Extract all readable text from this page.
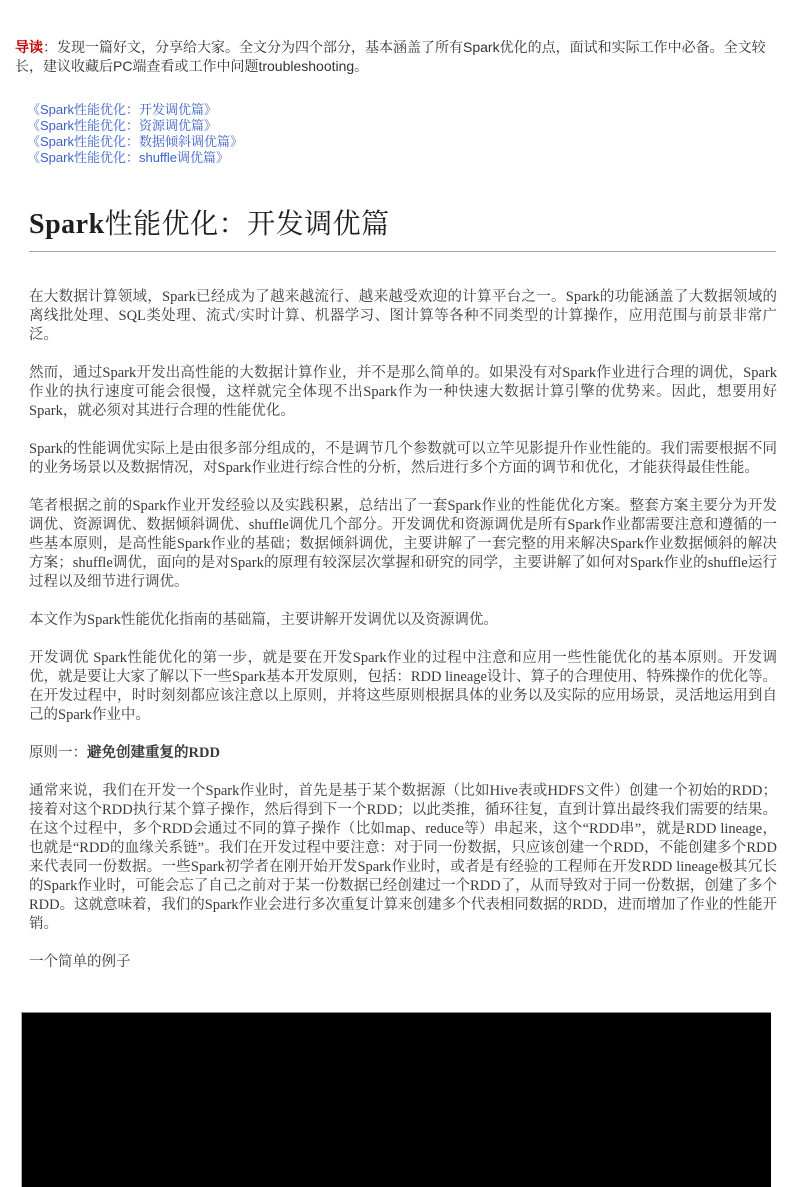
导读：发现一篇好文，分享给大家。全文分为四个部分，基本涵盖了所有Spark优化的点，面试和实际工作中必备。全文较长，建议收藏后PC端查看或工作中问题troubleshooting。
《Spark性能优化：开发调优篇》
《Spark性能优化：资源调优篇》
《Spark性能优化：数据倾斜调优篇》
《Spark性能优化：shuffle调优篇》
Spark性能优化：开发调优篇

在大数据计算领域，Spark已经成为了越来越流行、越来越受欢迎的计算平台之一。Spark的功能涵盖了大数据领域的离线批处理、SQL类处理、流式/实时计算、机器学习、图计算等各种不同类型的计算操作，应用范围与前景非常广泛。

然而，通过Spark开发出高性能的大数据计算作业，并不是那么简单的。如果没有对Spark作业进行合理的调优，Spark作业的执行速度可能会很慢，这样就完全体现不出Spark作为一种快速大数据计算引擎的优势来。因此，想要用好Spark，就必须对其进行合理的性能优化。

Spark的性能调优实际上是由很多部分组成的，不是调节几个参数就可以立竿见影提升作业性能的。我们需要根据不同的业务场景以及数据情况，对Spark作业进行综合性的分析，然后进行多个方面的调节和优化，才能获得最佳性能。

笔者根据之前的Spark作业开发经验以及实践积累，总结出了一套Spark作业的性能优化方案。整套方案主要分为开发调优、资源调优、数据倾斜调优、shuffle调优几个部分。开发调优和资源调优是所有Spark作业都需要注意和遵循的一些基本原则，是高性能Spark作业的基础；数据倾斜调优，主要讲解了一套完整的用来解决Spark作业数据倾斜的解决方案；shuffle调优，面向的是对Spark的原理有较深层次掌握和研究的同学，主要讲解了如何对Spark作业的shuffle运行过程以及细节进行调优。

本文作为Spark性能优化指南的基础篇，主要讲解开发调优以及资源调优。

开发调优 Spark性能优化的第一步，就是要在开发Spark作业的过程中注意和应用一些性能优化的基本原则。开发调优，就是要让大家了解以下一些Spark基本开发原则，包括：RDD lineage设计、算子的合理使用、特殊操作的优化等。在开发过程中，时时刻刻都应该注意以上原则，并将这些原则根据具体的业务以及实际的应用场景，灵活地运用到自己的Spark作业中。

原则一：避免创建重复的RDD

通常来说，我们在开发一个Spark作业时，首先是基于某个数据源（比如Hive表或HDFS文件）创建一个初始的RDD；接着对这个RDD执行某个算子操作，然后得到下一个RDD；以此类推，循环往复，直到计算出最终我们需要的结果。在这个过程中，多个RDD会通过不同的算子操作（比如map、reduce等）串起来，这个“RDD串”，就是RDD lineage，也就是“RDD的血缘关系链”。我们在开发过程中要注意：对于同一份数据，只应该创建一个RDD，不能创建多个RDD来代表同一份数据。一些Spark初学者在刚开始开发Spark作业时，或者是有经验的工程师在开发RDD lineage极其冗长的Spark作业时，可能会忘了自己之前对于某一份数据已经创建过一个RDD了，从而导致对于同一份数据，创建了多个RDD。这就意味着，我们的Spark作业会进行多次重复计算来创建多个代表相同数据的RDD，进而增加了作业的性能开销。

一个简单的例子
